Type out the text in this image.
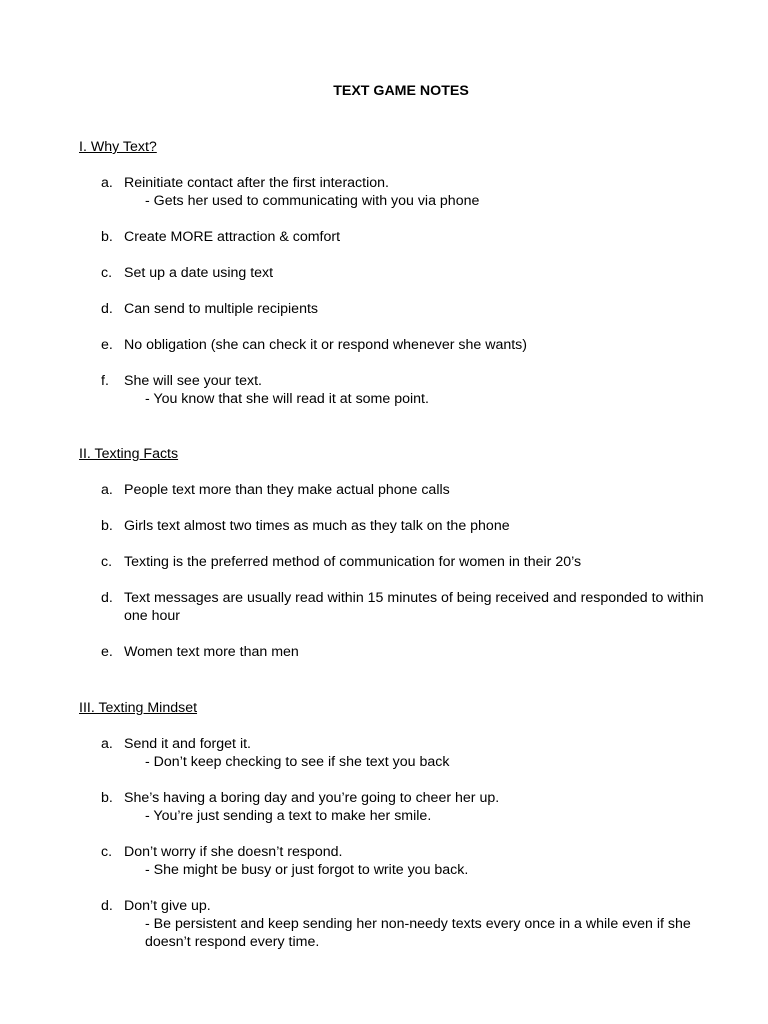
TEXT GAME NOTES
I. Why Text?
a. Reinitiate contact after the first interaction.
- Gets her used to communicating with you via phone
b. Create MORE attraction & comfort
c. Set up a date using text
d. Can send to multiple recipients
e. No obligation (she can check it or respond whenever she wants)
f.	She will see your text.
- You know that she will read it at some point.
II. Texting Facts
a. People text more than they make actual phone calls
b. Girls text almost two times as much as they talk on the phone
c. Texting is the preferred method of communication for women in their 20’s
d. Text messages are usually read within 15 minutes of being received and responded to within one hour
e. Women text more than men
III. Texting Mindset
a. Send it and forget it.
- Don’t keep checking to see if she text you back
b. She’s having a boring day and you’re going to cheer her up.
- You’re just sending a text to make her smile.
c. Don’t worry if she doesn’t respond.
- She might be busy or just forgot to write you back.
d. Don’t give up.
- Be persistent and keep sending her non-needy texts every once in a while even if she doesn’t respond every time.
